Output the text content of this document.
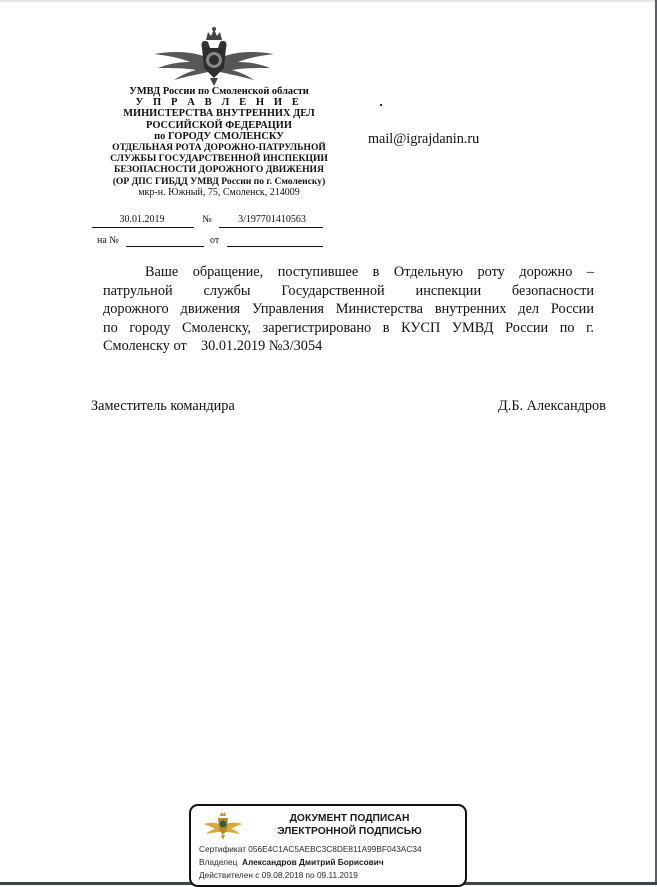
УМВД России по Смоленской области
У П Р А В Л Е Н И Е
МИНИСТЕРСТВА ВНУТРЕННИХ ДЕЛ
РОССИЙСКОЙ ФЕДЕРАЦИИ
по ГОРОДУ СМОЛЕНСКУ
ОТДЕЛЬНАЯ РОТА ДОРОЖНО-ПАТРУЛЬНОЙ
СЛУЖБЫ ГОСУДАРСТВЕННОЙ ИНСПЕКЦИИ
БЕЗОПАСНОСТИ ДОРОЖНОГО ДВИЖЕНИЯ
(ОР ДПС ГИБДД УМВД России по г. Смоленску)
мкр-н. Южный, 75, Смоленск, 214009
30.01.2019	№	3/197701410563
на №	от
mail@igrajdanin.ru
Ваше обращение, поступившее в Отдельную роту дорожно –
патрульной службы Государственной инспекции безопасности
дорожного движения Управления Министерства внутренних дел России
по городу Смоленску, зарегистрировано в КУСП УМВД России по г.
Смоленску от    30.01.2019 №3/3054
Заместитель командира	Д.Б. Александров
ДОКУМЕНТ ПОДПИСАН
ЭЛЕКТРОННОЙ ПОДПИСЬЮ
Сертификат 056E4C1AC5AEBC3C8DE811A99BF043AC34
Владелец Александров Дмитрий Борисович
Действителен с 09.08.2018 по 09.11.2019
